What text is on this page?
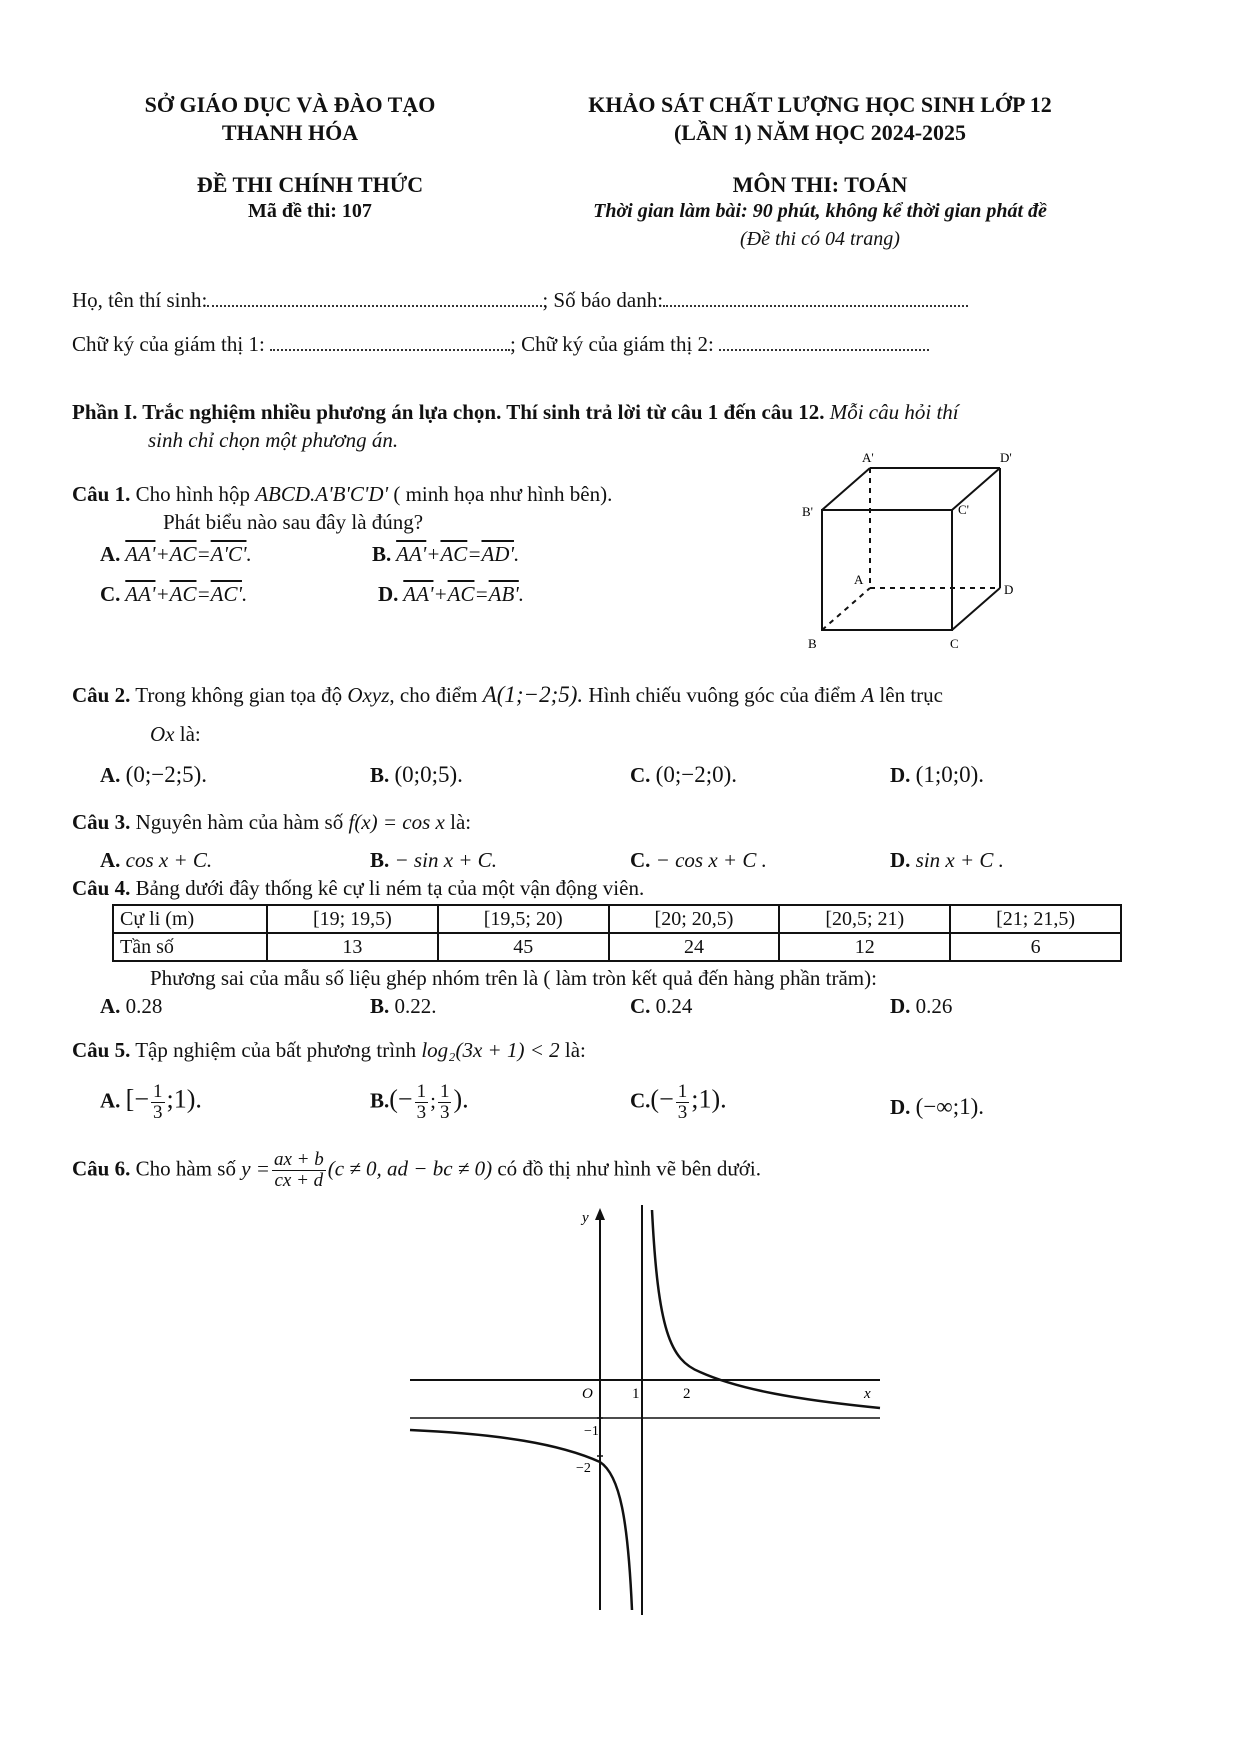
SỞ GIÁO DỤC VÀ ĐÀO TẠO
THANH HÓA
ĐỀ THI CHÍNH THỨC
Mã đề thi: 107
KHẢO SÁT CHẤT LƯỢNG HỌC SINH LỚP 12
(LẦN 1) NĂM HỌC 2024-2025
MÔN THI: TOÁN
Thời gian làm bài: 90 phút, không kể thời gian phát đề
(Đề thi có 04 trang)
Họ, tên thí sinh:	; Số báo danh:
Chữ ký của giám thị 1:	; Chữ ký của giám thị 2:
Phần I. Trắc nghiệm nhiều phương án lựa chọn. Thí sinh trả lời từ câu 1 đến câu 12. Mỗi câu hỏi thí
sinh chỉ chọn một phương án.
Câu 1. Cho hình hộp ABCD.A'B'C'D' ( minh họa như hình bên).
Phát biểu nào sau đây là đúng?
A. $AA'+\overline{AC}=A'C'$.	B. $AA'+\overline{AC}=AD'$.
C. $AA'+\overline{AC}=AC'$.	D. $AA'+\overline{AC}=AB'$.
A'	D'
B'	C'
A
D
B	C
Câu 2. Trong không gian tọa độ Oxyz, cho điểm A(1;−2;5). Hình chiếu vuông góc của điểm A lên trục
Ox là:
A. (0;−2;5).	B. (0;0;5).	C. (0;−2;0).	D. (1;0;0).
Câu 3. Nguyên hàm của hàm số f(x) = cos x là:
A. cos x + C.	B. − sin x + C.	C. − cos x + C .	D. sin x + C .
Câu 4. Bảng dưới đây thống kê cự li ném tạ của một vận động viên.
Cự li (m)	[19; 19,5)	[19,5; 20)	[20; 20,5)	[20,5; 21)	[21; 21,5)
Tần số	13	45	24	12	6
Phương sai của mẫu số liệu ghép nhóm trên là ( làm tròn kết quả đến hàng phần trăm):
A. 0.28	B. 0.22.	C. 0.24	D. 0.26
Câu 5. Tập nghiệm của bất phương trình log₂(3x + 1) < 2 là:
A. [− $\frac{1}{3}$ ;1).	$B.(- \frac{1}{3}$ ; $\frac{1}{3}$ ).	$C.(- \frac{1}{3}$ ;1).	D. (−∞;1).
Câu 6. Cho hàm số $y = \frac{ax + b}{cx + d} (c \ne 0$, ad − bc ≠ 0) có đồ thị như hình vẽ bên dưới.
y
x
O	1	2
−1
−2
